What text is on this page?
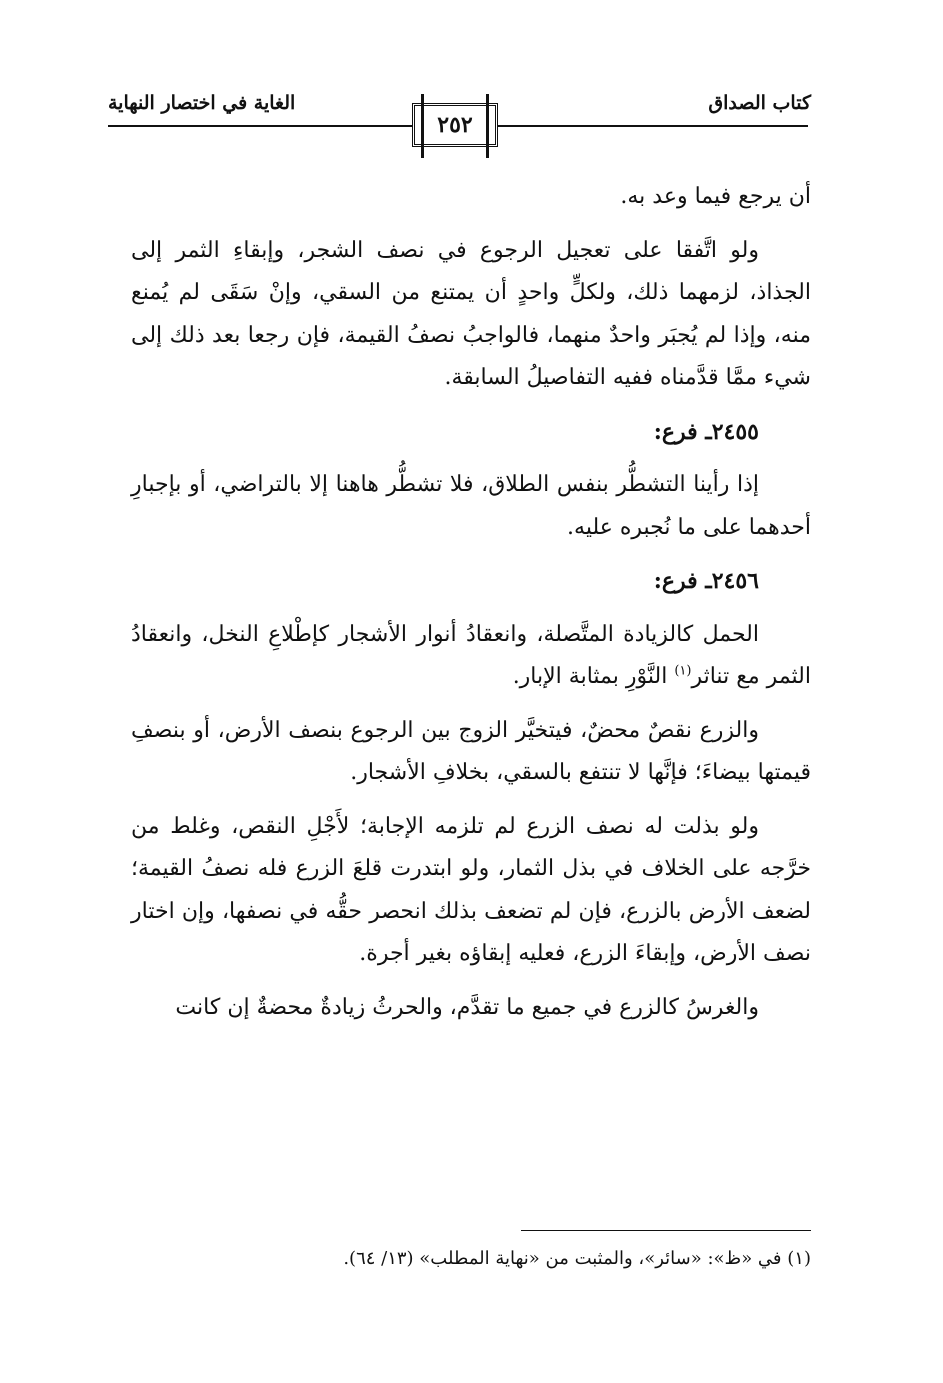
كتاب الصداق
الغاية في اختصار النهاية
٢٥٢

أن يرجع فيما وعد به.

ولو اتَّفقا على تعجيل الرجوع في نصف الشجر، وإبقاءِ الثمر إلى الجذاذ، لزمهما ذلك، ولكلٍّ واحدٍ أن يمتنع من السقي، وإنْ سَقَى لم يُمنع منه، وإذا لم يُجبَر واحدٌ منهما، فالواجبُ نصفُ القيمة، فإن رجعا بعد ذلك إلى شيء ممَّا قدَّمناه ففيه التفاصيلُ السابقة.

٢٤٥٥ـ فرع:

إذا رأينا التشطُّر بنفس الطلاق، فلا تشطُّر هاهنا إلا بالتراضي، أو بإجبارِ أحدهما على ما نُجبره عليه.

٢٤٥٦ـ فرع:

الحمل كالزيادة المتَّصلة، وانعقادُ أنوار الأشجار كإطْلاعِ النخل، وانعقادُ الثمر مع تناثر$^{(١)}$ النَّوْرِ بمثابة الإبار.

والزرع نقصٌ محضٌ، فيتخيَّر الزوج بين الرجوع بنصف الأرض، أو بنصفِ قيمتها بيضاءَ؛ فإنَّها لا تنتفع بالسقي، بخلافِ الأشجار.

ولو بذلت له نصف الزرع لم تلزمه الإجابة؛ لأَجْلِ النقص، وغلط من خرَّجه على الخلاف في بذل الثمار، ولو ابتدرت قلعَ الزرع فله نصفُ القيمة؛ لضعف الأرض بالزرع، فإن لم تضعف بذلك انحصر حقُّه في نصفها، وإن اختار نصف الأرض، وإبقاءَ الزرع، فعليه إبقاؤه بغير أجرة.

والغرسُ كالزرع في جميع ما تقدَّم، والحرثُ زيادةٌ محضةٌ إن كانت

(١) في «ظ»: «سائر»، والمثبت من «نهاية المطلب» (١٣/ ٦٤).
